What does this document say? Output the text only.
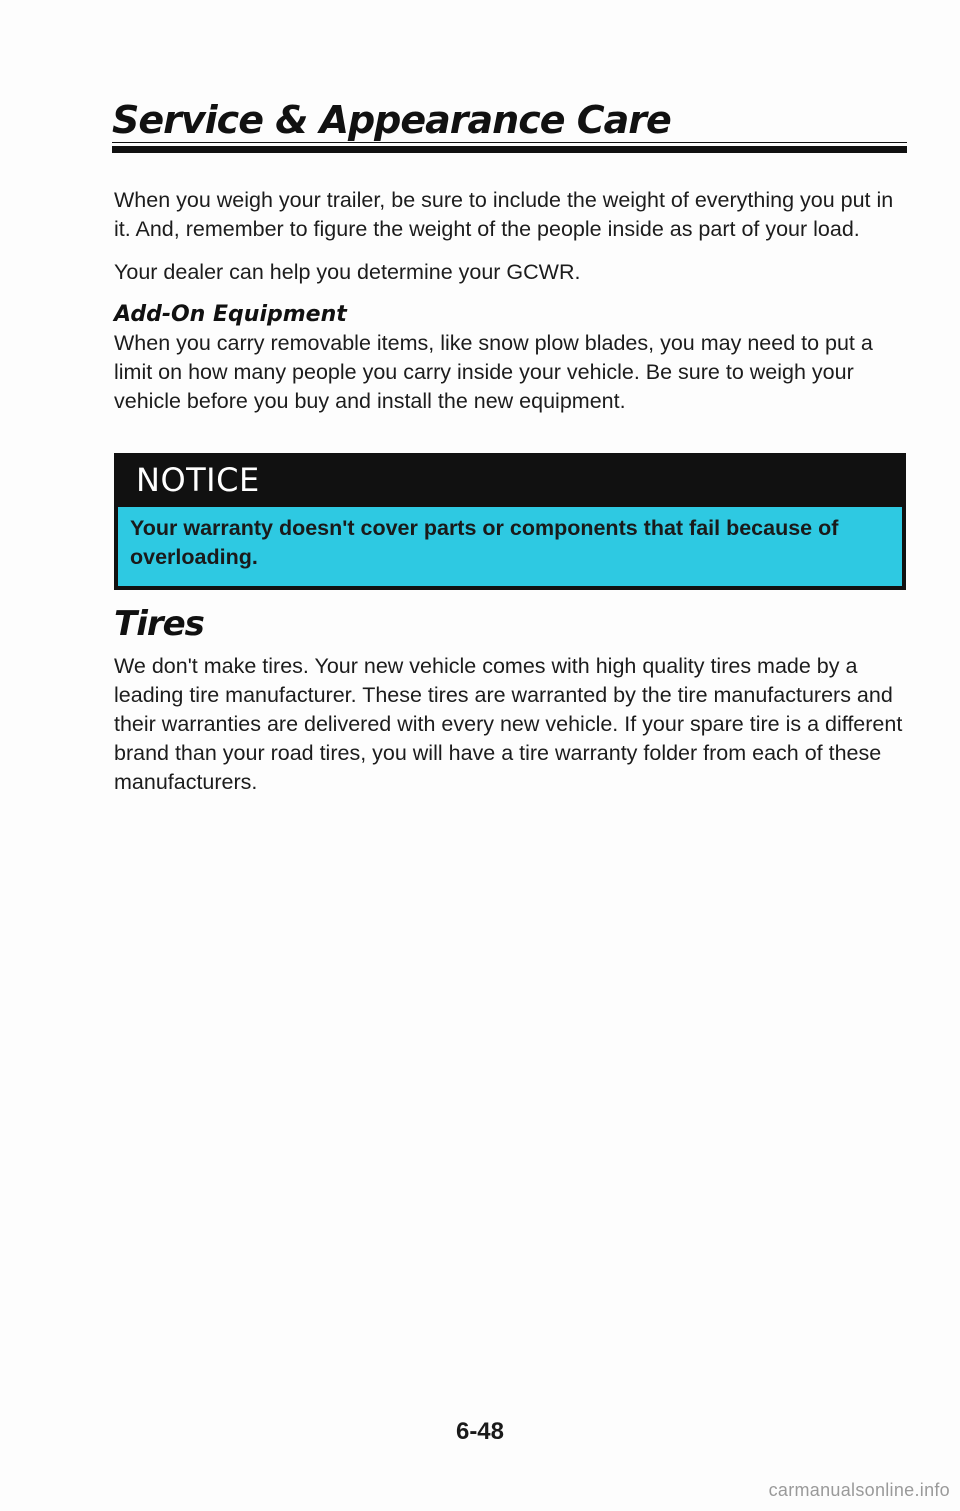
Service & Appearance Care

When you weigh your trailer, be sure to include the weight of everything you put in it. And, remember to figure the weight of the people inside as part of your load.

Your dealer can help you determine your GCWR.

Add-On Equipment

When you carry removable items, like snow plow blades, you may need to put a limit on how many people you carry inside your vehicle. Be sure to weigh your vehicle before you buy and install the new equipment.

NOTICE
Your warranty doesn't cover parts or components that fail because of overloading.
Tires

We don't make tires. Your new vehicle comes with high quality tires made by a leading tire manufacturer. These tires are warranted by the tire manufacturers and their warranties are delivered with every new vehicle. If your spare tire is a different brand than your road tires, you will have a tire warranty folder from each of these manufacturers.

6-48
carmanualsonline.info
